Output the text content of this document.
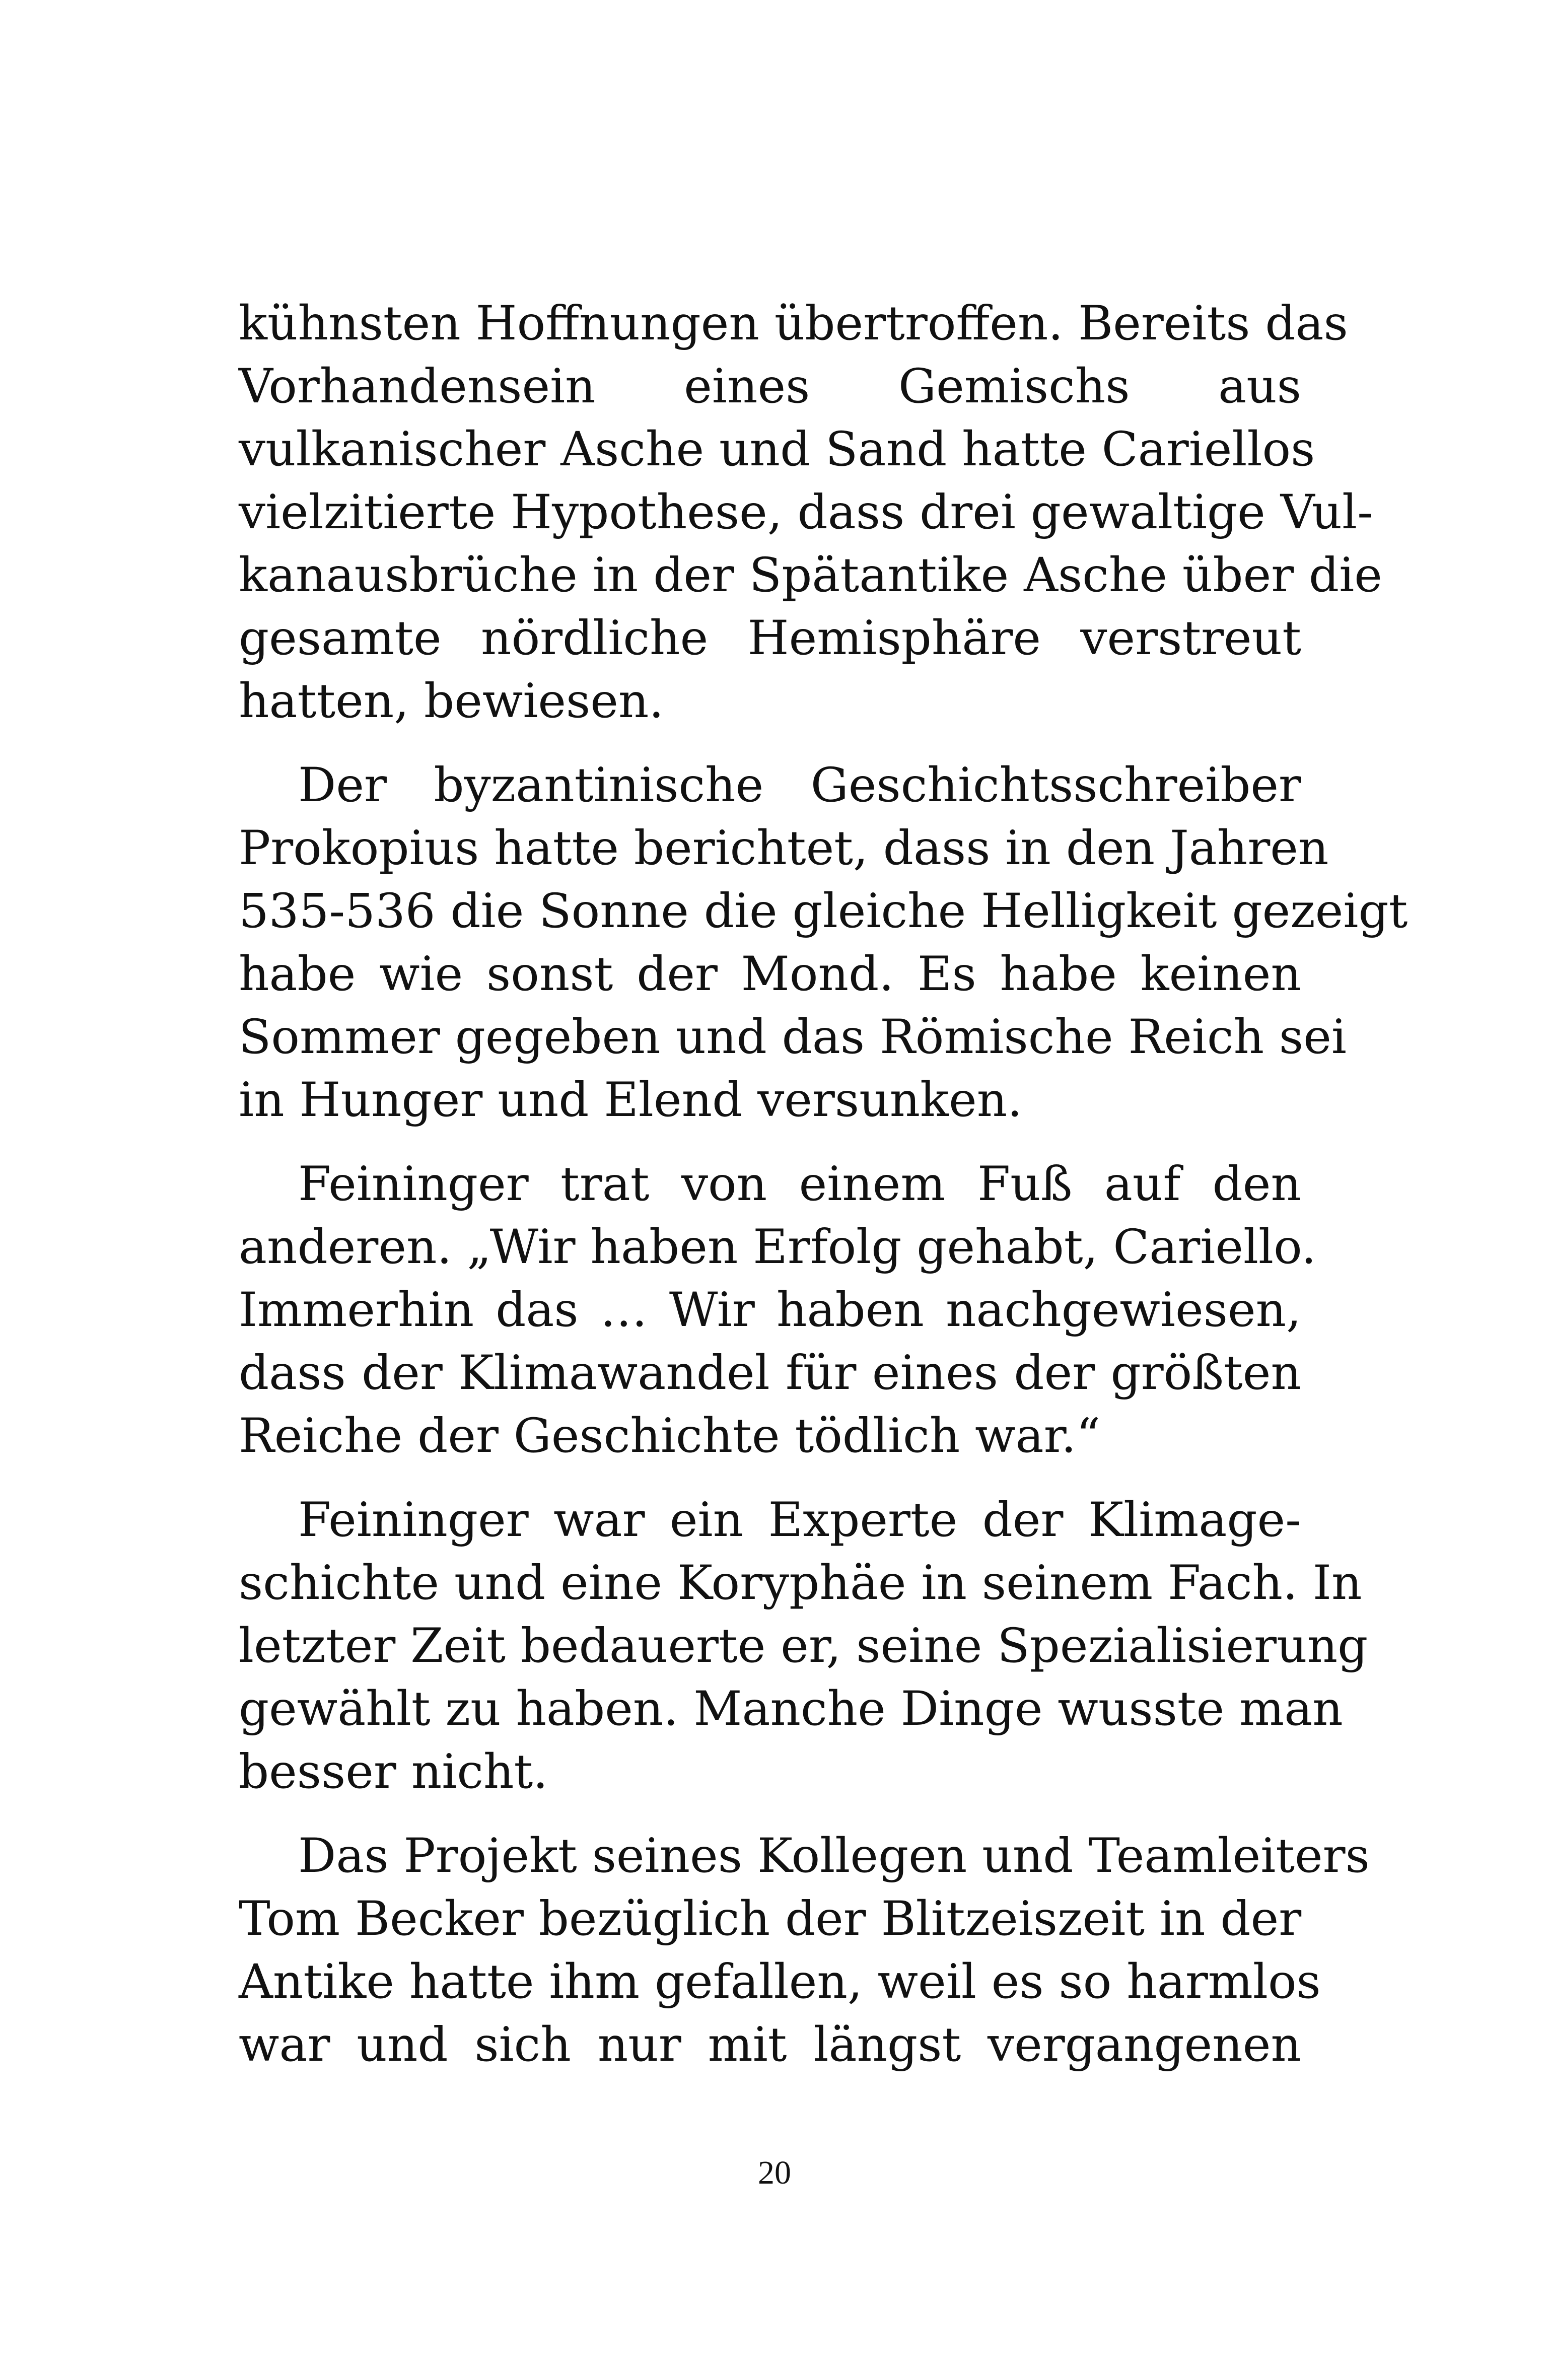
kühnsten Hoffnungen übertroffen. Bereits das
Vorhandensein eines Gemischs aus
vulkanischer Asche und Sand hatte Cariellos
vielzitierte Hypothese, dass drei gewaltige Vul-
kanausbrüche in der Spätantike Asche über die
gesamte nördliche Hemisphäre verstreut
hatten, bewiesen.

Der byzantinische Geschichtsschreiber
Prokopius hatte berichtet, dass in den Jahren
535-536 die Sonne die gleiche Helligkeit gezeigt
habe wie sonst der Mond. Es habe keinen
Sommer gegeben und das Römische Reich sei
in Hunger und Elend versunken.

Feininger trat von einem Fuß auf den
anderen. „Wir haben Erfolg gehabt, Cariello.
Immerhin das … Wir haben nachgewiesen,
dass der Klimawandel für eines der größten
Reiche der Geschichte tödlich war.“

Feininger war ein Experte der Klimage-
schichte und eine Koryphäe in seinem Fach. In
letzter Zeit bedauerte er, seine Spezialisierung
gewählt zu haben. Manche Dinge wusste man
besser nicht.

Das Projekt seines Kollegen und Teamleiters
Tom Becker bezüglich der Blitzeiszeit in der
Antike hatte ihm gefallen, weil es so harmlos
war und sich nur mit längst vergangenen

20
